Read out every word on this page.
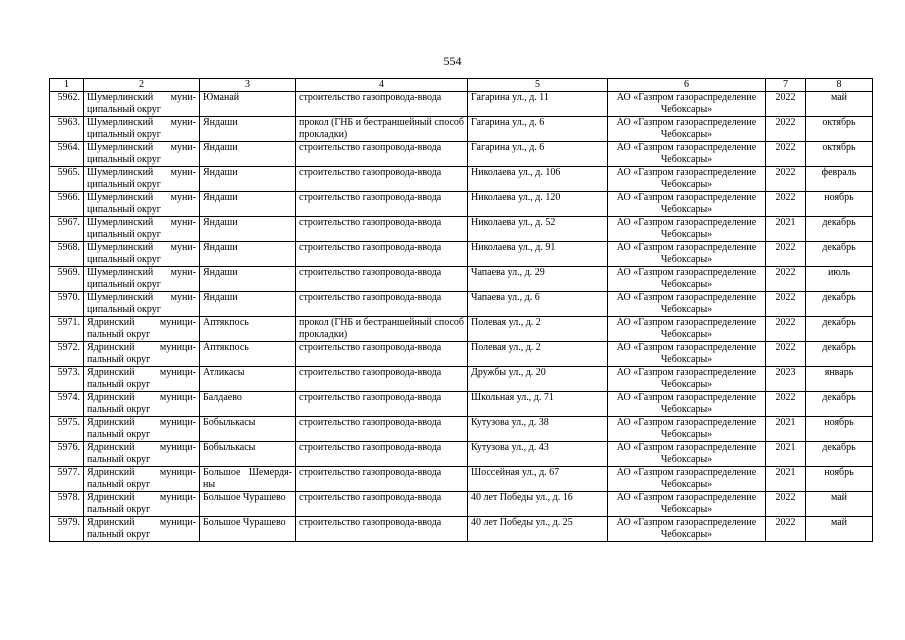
554
1	2	3	4	5	6	7	8
5962.	Шумерлинский муни-ципальный округ	Юманай	строительство газопровода-ввода	Гагарина ул., д. 11	АО «Газпром газораспределение Чебоксары»	2022	май
5963.	Шумерлинский муни-ципальный округ	Яндаши	прокол (ГНБ и бестраншейный способ прокладки)	Гагарина ул., д. 6	АО «Газпром газораспределение Чебоксары»	2022	октябрь
5964.	Шумерлинский муни-ципальный округ	Яндаши	строительство газопровода-ввода	Гагарина ул., д. 6	АО «Газпром газораспределение Чебоксары»	2022	октябрь
5965.	Шумерлинский муни-ципальный округ	Яндаши	строительство газопровода-ввода	Николаева ул., д. 106	АО «Газпром газораспределение Чебоксары»	2022	февраль
5966.	Шумерлинский муни-ципальный округ	Яндаши	строительство газопровода-ввода	Николаева ул., д. 120	АО «Газпром газораспределение Чебоксары»	2022	ноябрь
5967.	Шумерлинский муни-ципальный округ	Яндаши	строительство газопровода-ввода	Николаева ул., д. 52	АО «Газпром газораспределение Чебоксары»	2021	декабрь
5968.	Шумерлинский муни-ципальный округ	Яндаши	строительство газопровода-ввода	Николаева ул., д. 91	АО «Газпром газораспределение Чебоксары»	2022	декабрь
5969.	Шумерлинский муни-ципальный округ	Яндаши	строительство газопровода-ввода	Чапаева ул., д. 29	АО «Газпром газораспределение Чебоксары»	2022	июль
5970.	Шумерлинский муни-ципальный округ	Яндаши	строительство газопровода-ввода	Чапаева ул., д. 6	АО «Газпром газораспределение Чебоксары»	2022	декабрь
5971.	Ядринский муници-пальный округ	Аптякпось	прокол (ГНБ и бестраншейный способ прокладки)	Полевая ул., д. 2	АО «Газпром газораспределение Чебоксары»	2022	декабрь
5972.	Ядринский муници-пальный округ	Аптякпось	строительство газопровода-ввода	Полевая ул., д. 2	АО «Газпром газораспределение Чебоксары»	2022	декабрь
5973.	Ядринский муници-пальный округ	Атликасы	строительство газопровода-ввода	Дружбы ул., д. 20	АО «Газпром газораспределение Чебоксары»	2023	январь
5974.	Ядринский муници-пальный округ	Балдаево	строительство газопровода-ввода	Школьная ул., д. 71	АО «Газпром газораспределение Чебоксары»	2022	декабрь
5975.	Ядринский муници-пальный округ	Бобылькасы	строительство газопровода-ввода	Кутузова ул., д. 38	АО «Газпром газораспределение Чебоксары»	2021	ноябрь
5976.	Ядринский муници-пальный округ	Бобылькасы	строительство газопровода-ввода	Кутузова ул., д. 43	АО «Газпром газораспределение Чебоксары»	2021	декабрь
5977.	Ядринский муници-пальный округ	Большое Шемердя-ны	строительство газопровода-ввода	Шоссейная ул., д. 67	АО «Газпром газораспределение Чебоксары»	2021	ноябрь
5978.	Ядринский муници-пальный округ	Большое Чурашево	строительство газопровода-ввода	40 лет Победы ул., д. 16	АО «Газпром газораспределение Чебоксары»	2022	май
5979.	Ядринский муници-пальный округ	Большое Чурашево	строительство газопровода-ввода	40 лет Победы ул., д. 25	АО «Газпром газораспределение Чебоксары»	2022	май
